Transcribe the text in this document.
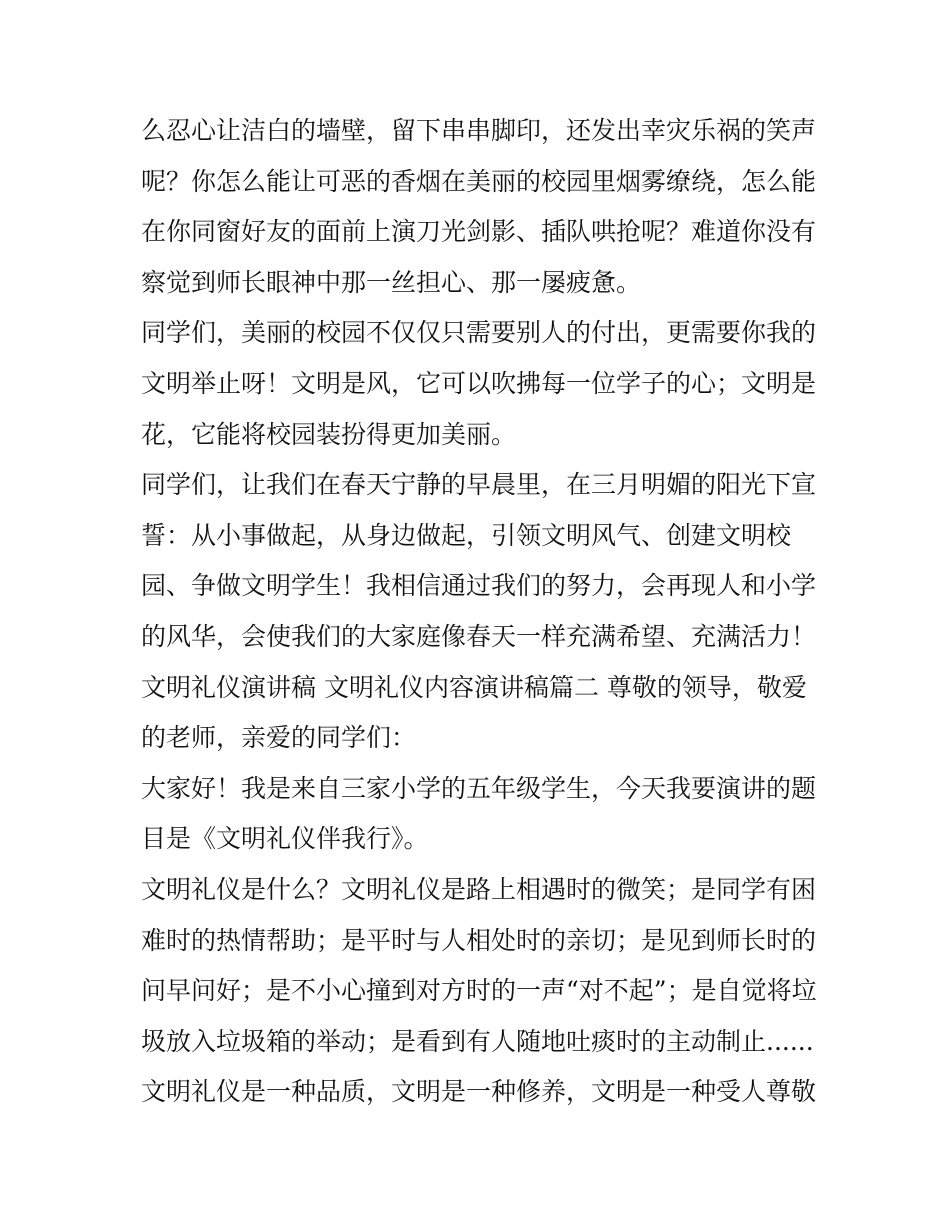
么忍心让洁白的墙壁，留下串串脚印，还发出幸灾乐祸的笑声
呢？你怎么能让可恶的香烟在美丽的校园里烟雾缭绕，怎么能
在你同窗好友的面前上演刀光剑影、插队哄抢呢？难道你没有
察觉到师长眼神中那一丝担心、那一屡疲惫。
同学们，美丽的校园不仅仅只需要别人的付出，更需要你我的
文明举止呀！文明是风，它可以吹拂每一位学子的心；文明是
花，它能将校园装扮得更加美丽。
同学们，让我们在春天宁静的早晨里，在三月明媚的阳光下宣
誓：从小事做起，从身边做起，引领文明风气、创建文明校
园、争做文明学生！我相信通过我们的努力，会再现人和小学
的风华，会使我们的大家庭像春天一样充满希望、充满活力！
文明礼仪演讲稿 文明礼仪内容演讲稿篇二 尊敬的领导，敬爱
的老师，亲爱的同学们：
大家好！我是来自三家小学的五年级学生，今天我要演讲的题
目是《文明礼仪伴我行》。
文明礼仪是什么？文明礼仪是路上相遇时的微笑；是同学有困
难时的热情帮助；是平时与人相处时的亲切；是见到师长时的
问早问好；是不小心撞到对方时的一声“对不起”；是自觉将垃
圾放入垃圾箱的举动；是看到有人随地吐痰时的主动制止......
文明礼仪是一种品质，文明是一种修养，文明是一种受人尊敬
